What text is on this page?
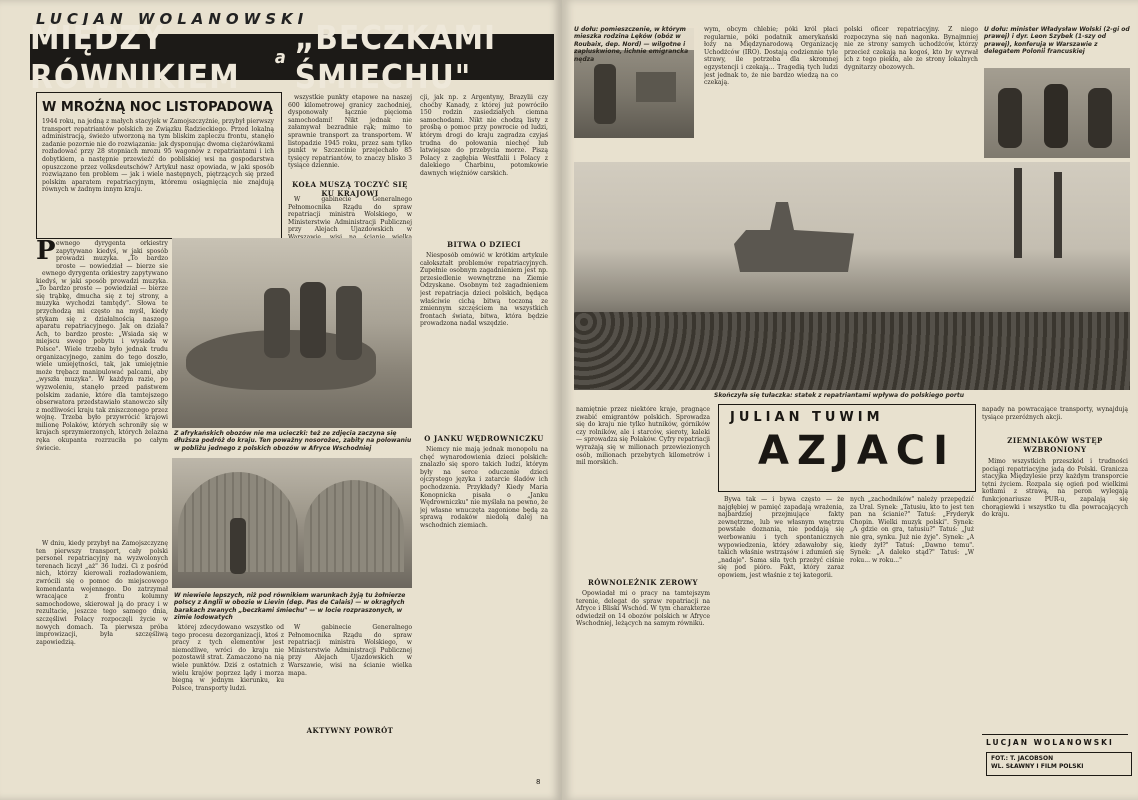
LUCJAN WOLANOWSKI
MIĘDZY RÓWNIKIEM	a „BECZKAMI ŚMIECHU"
W MROŹNĄ NOC LISTOPADOWĄ

1944 roku, na jedną z małych stacyjek w Zamojszczyźnie, przybył pierwszy transport repatriantów polskich ze Związku Radzieckiego. Przed lokalną administracją, świeżo utworzoną na tym bliskim zapleczu frontu, stanęło zadanie pozornie nie do rozwiązania: jak dysponując dwoma ciężarówkami rozładować przy 28 stopniach mrozu 95 wagonów z repatriantami i ich dobytkiem, a następnie przewieźć do pobliskiej wsi na gospodarstwa opuszczone przez volksdeutschów? Artykuł nasz opowiada, w jaki sposób rozwiązano ten problem — jak i wiele następnych, piętrzących się przed polskim aparatem repatriacyjnym, któremu osiągnięcia nie znajdują równych w żadnym innym kraju.

wszystkie punkty etapowe na naszej 600 kilometrowej granicy zachodniej, dysponowały łącznie pięcioma samochodami! Nikt jednak nie załamywał bezradnie rąk; mimo to sprawnie transport za transportem. W listopadzie 1945 roku, przez sam tylko punkt w Szczecinie przejechało 85 tysięcy repatriantów, to znaczy blisko 3 tysiące dziennie.

KOŁA MUSZĄ TOCZYĆ SIĘ KU KRAJOWI

W gabinecie Generalnego Pełnomocnika Rządu do spraw repatriacji ministra Wolskiego, w Ministerstwie Administracji Publicznej przy Alejach Ujazdowskich w

cji, jak np. z Argentyny, Brazylii czy choćby Kanady, z której już powróciło 150 rodzin zasiedziałych ciemna samochodami. Nikt nie chodzą listy z prośbą o pomoc przy powrocie od ludzi, którym drogi do kraju zagradza czyjaś trudna do połowania niechęć lub latwiejsze do przebycia morze. Piszą Polacy z zagłębia Westfalii i Polacy z dalekiego Charbinu, potomkowie dawnych więźniów carskich.

BITWA O DZIECI

Niesposób omówić w krótkim artykule całokształt problemów repatriacyjnych. Zupełnie osobnym zagadnieniem jest np. przesiedlenie wewnętrzne na Ziemie Odzyskane. Osobnym też zagadnieniem jest repatriacja dzieci polskich, będąca właściwie cichą bitwą toczoną ze zmiennym szczęściem na wszystkich frontach świata, bitwa, która będzie prowadzona nadal wszędzie.

O JANKU WĘDROWNICZKU

Niemcy nie mają jednak monopolu na chęć wynarodowienia dzieci polskich: znalazło się sporo takich ludzi, którym były na serce oduczenie dzieci ojczystego języka i zatarcie śladów ich pochodzenia. Przykłady? Kiedy Maria Konopnicka pisała o „Janku Wędrowniczku" nie myślała na pewno, że jej własne wnuczęta zagonione będą za sprawą rodaków niedolą dalej na wschodnich ziemiach.

AKTYWNY POWRÓT
P ewnego dyrygenta orkiestry zapytywano kiedyś, w jaki sposób prowadzi muzyka. „To bardzo proste — powiedział — bierze się

ewnego dyrygenta orkiestry zapytywano kiedyś, w jaki sposób prowadzi muzyka. „To bardzo proste — powiedział — bierze się trąbkę, dmucha się z tej strony, a muzyka wychodzi tamtędy". Słowa te przychodzą mi często na myśl, kiedy stykam się z działalnością naszego aparatu repatriacyjnego. Jak on działa? Ach, to bardzo proste: „Wsiada się w miejscu swego pobytu i wysiada w Polsce". Wiele trzeba było jednak trudu organizacyjnego, zanim do tego doszło, wiele umiejętności, tak, jak umiejętnie może trębacz manipulować palcami, aby „wyszła muzyka". W każdym razie, po wyzwoleniu, stanęło przed państwem polskim zadanie, które dla tamtejszego obserwatora przedstawiało stanowczo siły z możliwości kraju tak zniszczonego przez wojnę. Trzeba było przywrócić krajowi milionę Polaków, których schroniły się w krajach sprzymierzonych, których żelazna ręka okupanta rozrzuciła po całym świecie.

W dniu, kiedy przybył na Zamojszczyznę ten pierwszy transport, cały polski personel repatriacyjny na wyzwolonych terenach liczył „aż" 36 ludzi. Ci z pośród nich, którzy kierowali rozładowaniem, zwrócili się o pomoc do miejscowego komendanta wojennego. Do zatrzymał wracające z frontu kolumny samochodowe, skierował ją do pracy i w rezultacie, jeszcze tego samego dnia, szczęśliwi Polacy rozpoczęli życie w nowych domach. Ta pierwsza próba improwizacji, była szczęśliwą zapowiedzią.

Z afrykańskich obozów nie ma ucieczki: też ze zdjęcia zaczyna się dłuższa podróż do kraju. Ten poważny nosorożec, zabity na polowaniu w pobliżu jednego z polskich obozów w Afryce Wschodniej
W niewiele lepszych, niż pod równikiem warunkach żyją tu żołnierze polscy z Anglii w obozie w Lievin (dep. Pas de Calais) — w okrągłych barakach zwanych „beczkami śmiechu" — w locie rozpraszonych, w zimie lodowatych

której zdecydowano wszystko od tego procesu dezorganizacji, ktoś z pracy z tych elementów jest niemożliwe, wróci do kraju nie pozostawił strat. Zamaczono na nią wiele punktów. Dziś z ostatnich z wielu krajów poprzez lądy i morza biegną w jednym kierunku, ku Polsce, transporty ludzi.

W gabinecie Generalnego Pełnomocnika Rządu do spraw repatriacji ministra Wolskiego, w Ministerstwie Administracji Publicznej przy Alejach Ujazdowskich w Warszawie, wisi na ścianie wielka mapa.

8
U dołu: pomieszczenie, w którym mieszka rodzina Lęków (obóz w Roubaix, dep. Nord) — wilgotne i zapluskwione, lichnie emigrancka nędza

wym, obcym chlebie; póki król płaci regularnie, póki podatnik amerykański łoży na Międzynarodową Organizację Uchodźców (IRO). Dostają codziennie tyle strawy, ile potrzeba dla skromnej egzystencji i czekają... Tragedią tych ludzi jest jednak to, że nie bardzo wiedzą na co czekają.

polski oficer repatriacyjny. Z niego rozpoczyna się nań nagonka. Bynajmniej nie ze strony samych uchodźców, którzy przecież czekają na kogoś, kto by wyrwał ich z tego piekła, ale ze strony lokalnych dygnitarzy obozowych.

U dołu: minister Władysław Wolski (2-gi od prawej) i dyr. Leon Szybek (1-szy od prawej), konferują w Warszawie z delegatem Polonii francuskiej
Skończyła się tułaczka: statek z repatriantami wpływa do polskiego portu

namiętnie przez niektóre kraje, pragnące zwabić emigrantów polskich. Sprowadza się do kraju nie tylko hutników, górników czy rolników, ale i starców, sieroty, kaleki — sprowadza się Polaków. Cyfry repatriacji wyrażają się w milionach przewiezionych osób, milionach przebytych kilometrów i mil morskich.

RÓWNOLEŻNIK ZEROWY

Opowiadał mi o pracy na tamtejszym terenie, delegat do spraw repatriacji na Afryce i Bliski Wschód. W tym charakterze odwiedził on 14 obozów polskich w Afryce Wschodniej, leżących na samym równiku.

JULIAN TUWIM
AZJACI

Bywa tak — i bywa często — że najgłębiej w pamięć zapadają wrażenia, najbardziej przejmujące fakty zewnętrzne, lub we własnym wnętrzu powstałe doznania, nie poddają się werbowaniu i tych spontanicznych wypowiedzenia, który zdawałoby się, takich właśnie wstrząsów i zdumień się „nadaje". Sama siła tych przeżyć ciśnie się pod pióro. Fakt, który zaraz opowiem, jest właśnie z tej kategorii.

nych „zachodników" należy przepędzić za Ural. Synek: „Tatusiu, kto to jest ten pan na ścianie?" Tatuś: „Fryderyk Chopin. Wielki muzyk polski". Synek: „A gdzie on gra, tatusiu?" Tatuś: „Już nie gra, synku. Już nie żyje". Synek: „A kiedy żył?" Tatuś: „Dawno temu". Synek: „A daleko stąd?" Tatuś: „W roku... w roku..."

napady na powracające transporty, wynajdują tysiące przeróżnych akcji.

ZIEMNIAKÓW WSTĘP WZBRONIONY

Mimo wszystkich przeszkód i trudności pociągi repatriacyjne jadą do Polski. Granicza stacyjka Międzylesie przy każdym transporcie tętni życiem. Rozpala się ogień pod wielkimi kotłami z strawą, na peron wylegają funkcjonariusze PUR-u, zapalają się chorągiewki i wszystko tu dla powracających do kraju.

LUCJAN WOLANOWSKI
FOT.: T. JACOBSON
WL. SŁAWNY I FILM POLSKI
